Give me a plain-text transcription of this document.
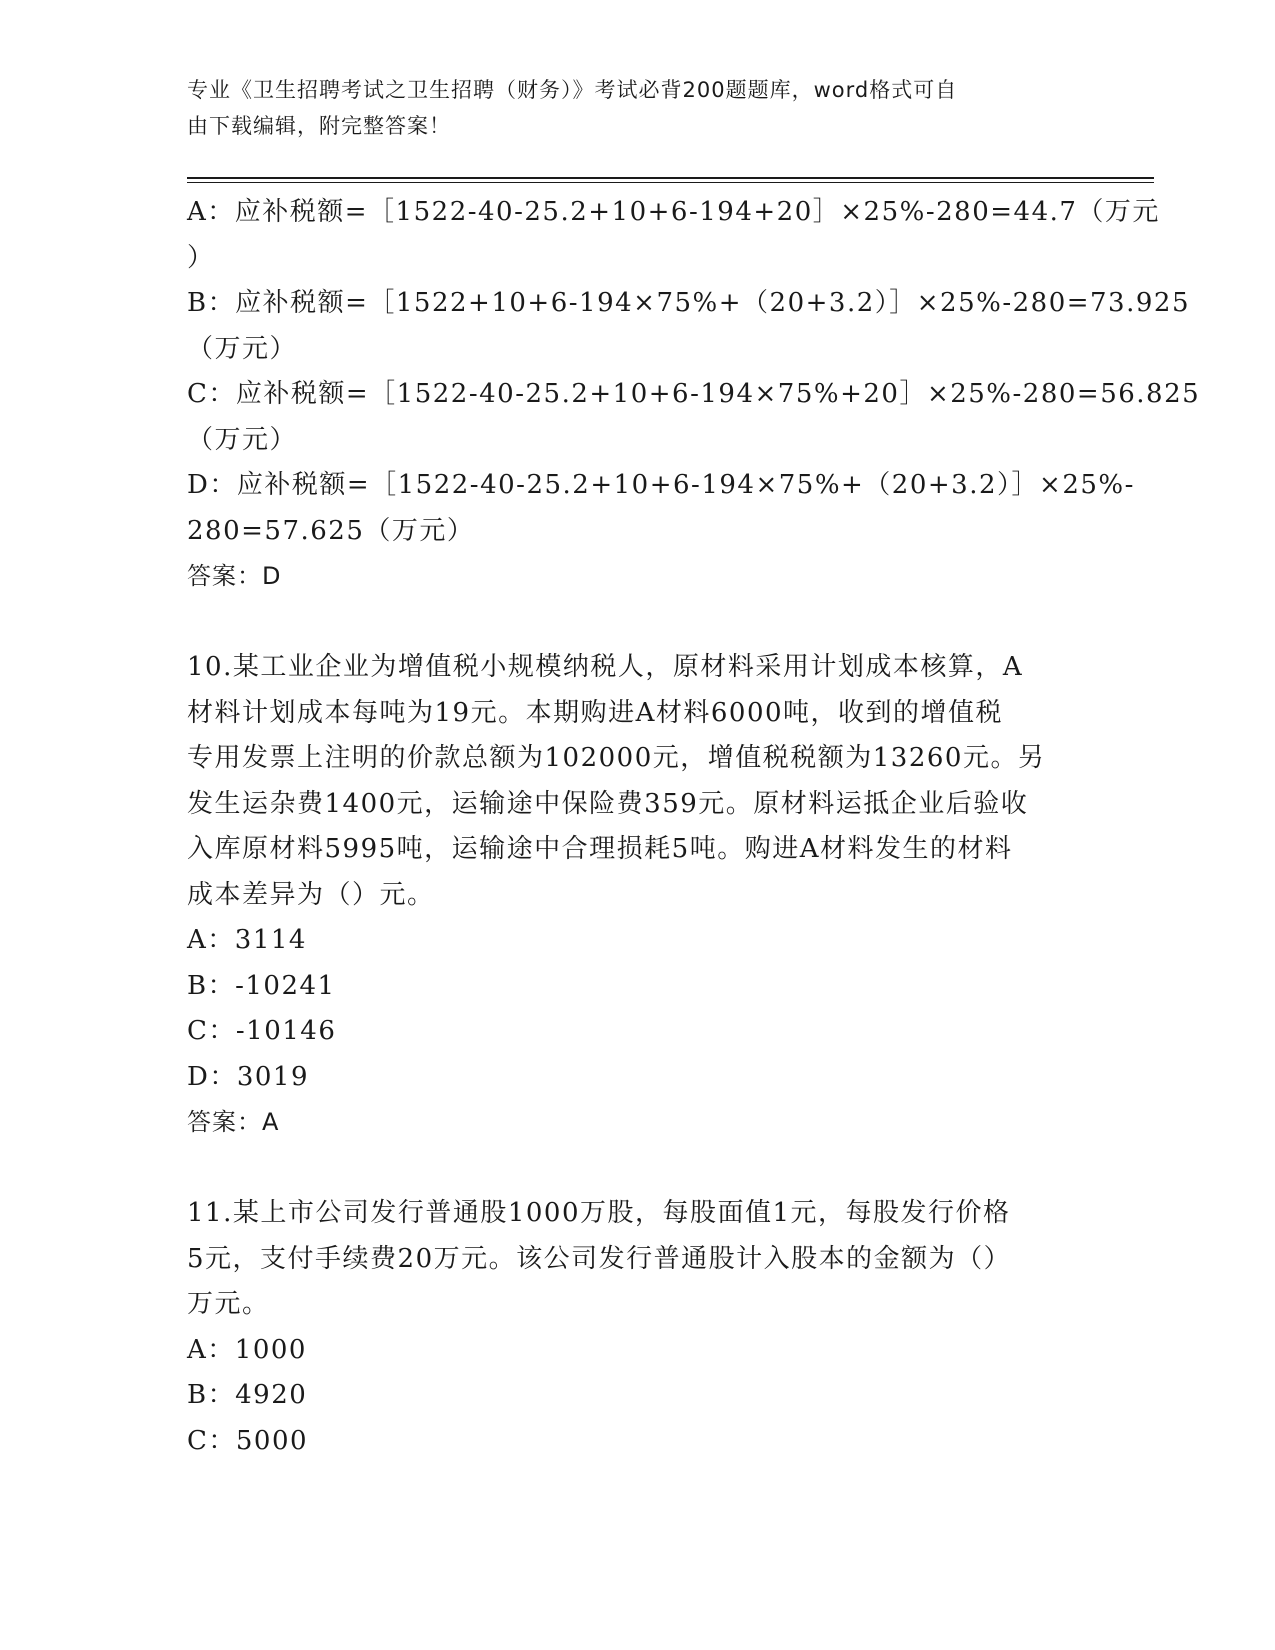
专业《卫生招聘考试之卫生招聘（财务）》考试必背200题题库，word格式可自
由下载编辑，附完整答案！
A：应补税额=［1522-40-25.2+10+6-194+20］×25%-280=44.7（万元
）
B：应补税额=［1522+10+6-194×75%+（20+3.2）］×25%-280=73.925
（万元）
C：应补税额=［1522-40-25.2+10+6-194×75%+20］×25%-280=56.825
（万元）
D：应补税额=［1522-40-25.2+10+6-194×75%+（20+3.2）］×25%-
280=57.625（万元）
答案：D
10.某工业企业为增值税小规模纳税人，原材料采用计划成本核算，A
材料计划成本每吨为19元。本期购进A材料6000吨，收到的增值税
专用发票上注明的价款总额为102000元，增值税税额为13260元。另
发生运杂费1400元，运输途中保险费359元。原材料运抵企业后验收
入库原材料5995吨，运输途中合理损耗5吨。购进A材料发生的材料
成本差异为（）元。
A：3114
B：-10241
C：-10146
D：3019
答案：A
11.某上市公司发行普通股1000万股，每股面值1元，每股发行价格
5元，支付手续费20万元。该公司发行普通股计入股本的金额为（）
万元。
A：1000
B：4920
C：5000
